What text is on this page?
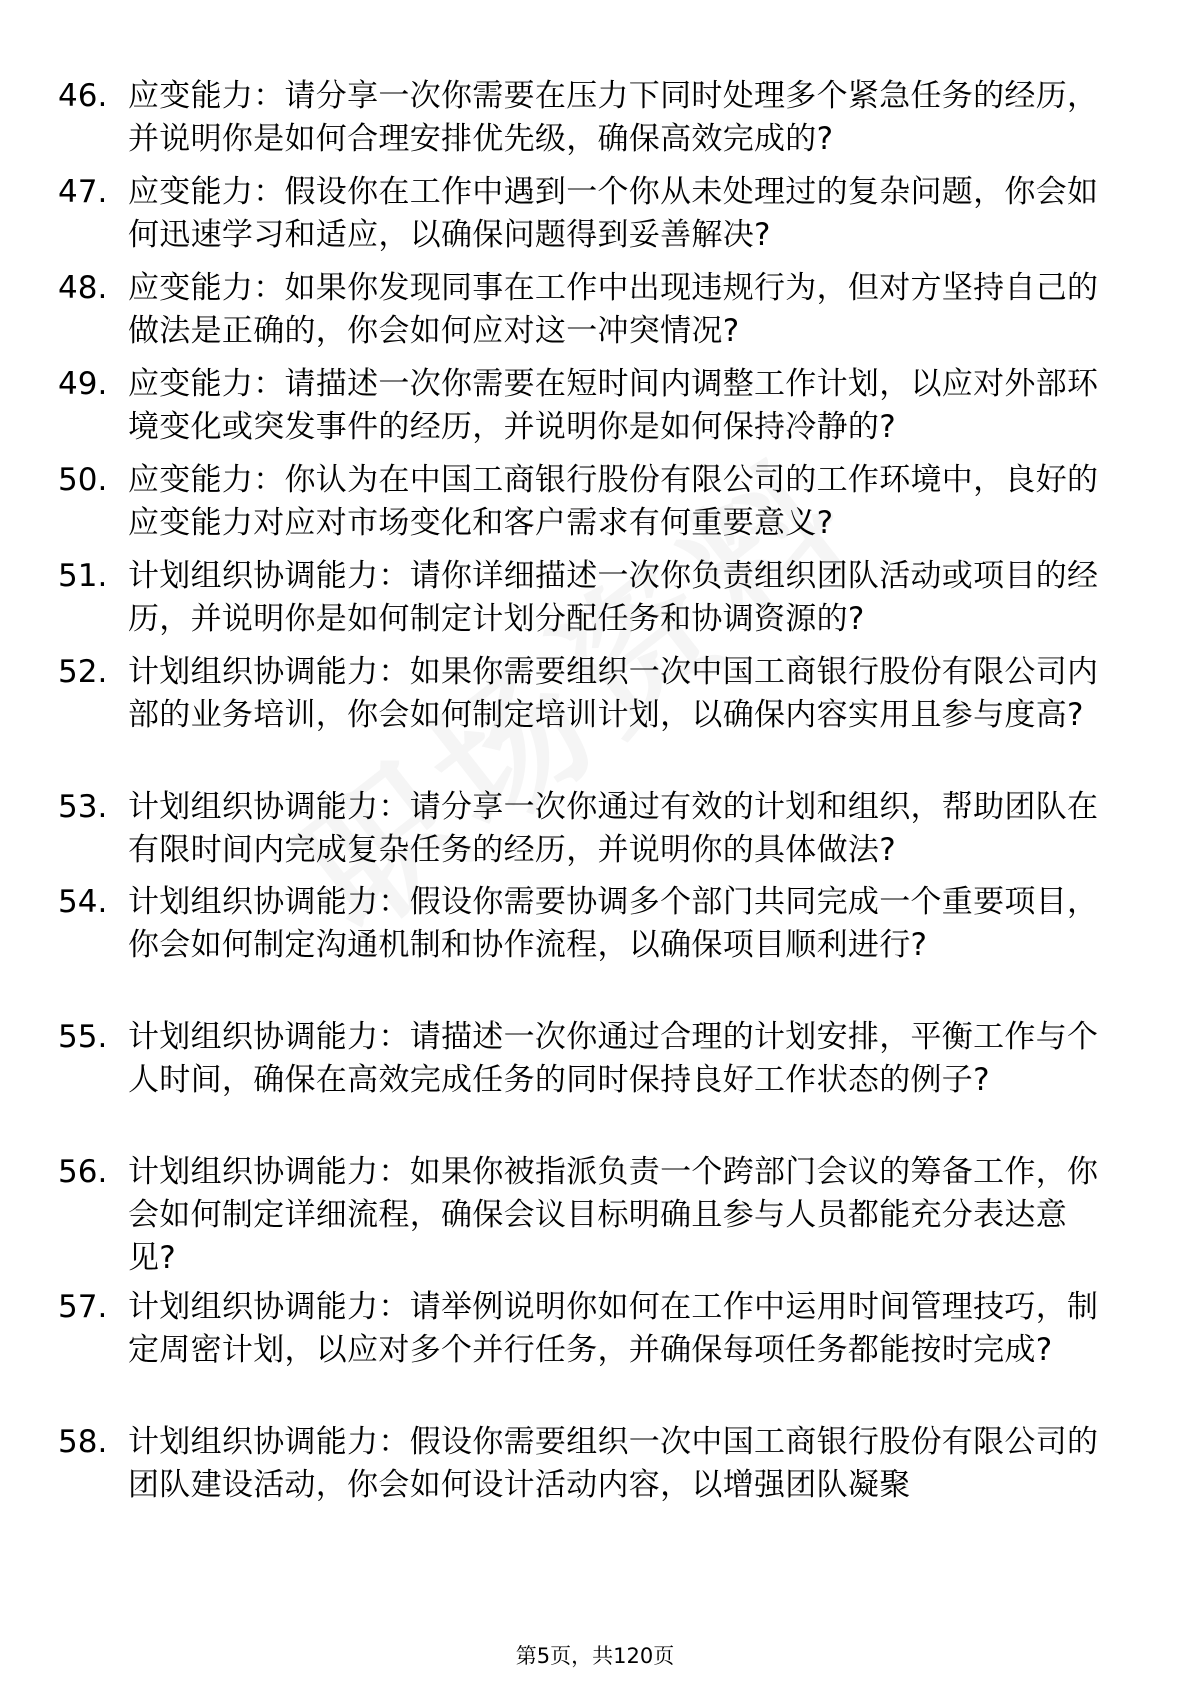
46. 应变能力：请分享一次你需要在压力下同时处理多个紧急任务的经历，并说明你是如何合理安排优先级，确保高效完成的?
47. 应变能力：假设你在工作中遇到一个你从未处理过的复杂问题，你会如何迅速学习和适应，以确保问题得到妥善解决?
48. 应变能力：如果你发现同事在工作中出现违规行为，但对方坚持自己的做法是正确的，你会如何应对这一冲突情况?
49. 应变能力：请描述一次你需要在短时间内调整工作计划，以应对外部环境变化或突发事件的经历，并说明你是如何保持冷静的?
50. 应变能力：你认为在中国工商银行股份有限公司的工作环境中，良好的应变能力对应对市场变化和客户需求有何重要意义?
51. 计划组织协调能力：请你详细描述一次你负责组织团队活动或项目的经历，并说明你是如何制定计划分配任务和协调资源的?
52. 计划组织协调能力：如果你需要组织一次中国工商银行股份有限公司内部的业务培训，你会如何制定培训计划，以确保内容实用且参与度高?
53. 计划组织协调能力：请分享一次你通过有效的计划和组织，帮助团队在有限时间内完成复杂任务的经历，并说明你的具体做法?
54. 计划组织协调能力：假设你需要协调多个部门共同完成一个重要项目，你会如何制定沟通机制和协作流程，以确保项目顺利进行?
55. 计划组织协调能力：请描述一次你通过合理的计划安排，平衡工作与个人时间，确保在高效完成任务的同时保持良好工作状态的例子?
56. 计划组织协调能力：如果你被指派负责一个跨部门会议的筹备工作，你会如何制定详细流程，确保会议目标明确且参与人员都能充分表达意见?
57. 计划组织协调能力：请举例说明你如何在工作中运用时间管理技巧，制定周密计划，以应对多个并行任务，并确保每项任务都能按时完成?
58. 计划组织协调能力：假设你需要组织一次中国工商银行股份有限公司的团队建设活动，你会如何设计活动内容，以增强团队凝聚
第5页，共120页
